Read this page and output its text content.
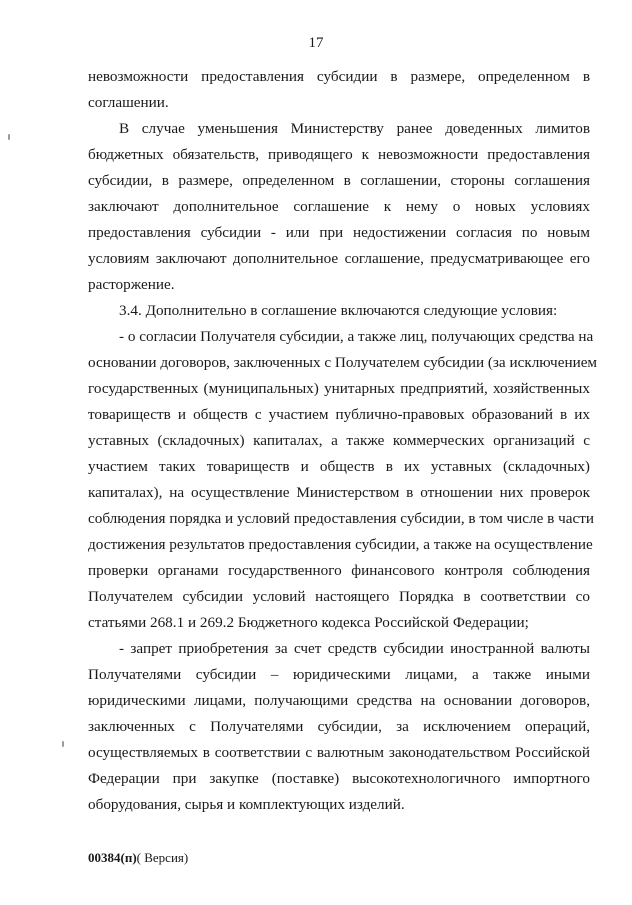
17
невозможности предоставления субсидии в размере, определенном в
соглашении.
В случае уменьшения Министерству ранее доведенных лимитов
бюджетных обязательств, приводящего к невозможности предоставления
субсидии, в размере, определенном в соглашении, стороны соглашения
заключают дополнительное соглашение к нему о новых условиях
предоставления субсидии - или при недостижении согласия по новым
условиям заключают дополнительное соглашение, предусматривающее его
расторжение.
3.4. Дополнительно в соглашение включаются следующие условия:
- о согласии Получателя субсидии, а также лиц, получающих средства на
основании договоров, заключенных с Получателем субсидии (за исключением
государственных (муниципальных) унитарных предприятий, хозяйственных
товариществ и обществ с участием публично-правовых образований в их
уставных (складочных) капиталах, а также коммерческих организаций с
участием таких товариществ и обществ в их уставных (складочных)
капиталах), на осуществление Министерством в отношении них проверок
соблюдения порядка и условий предоставления субсидии, в том числе в части
достижения результатов предоставления субсидии, а также на осуществление
проверки органами государственного финансового контроля соблюдения
Получателем субсидии условий настоящего Порядка в соответствии со
статьями 268.1 и 269.2 Бюджетного кодекса Российской Федерации;
- запрет приобретения за счет средств субсидии иностранной валюты
Получателями субсидии – юридическими лицами, а также иными
юридическими лицами, получающими средства на основании договоров,
заключенных с Получателями субсидии, за исключением операций,
осуществляемых в соответствии с валютным законодательством Российской
Федерации при закупке (поставке) высокотехнологичного импортного
оборудования, сырья и комплектующих изделий.
00384(п)( Версия)
